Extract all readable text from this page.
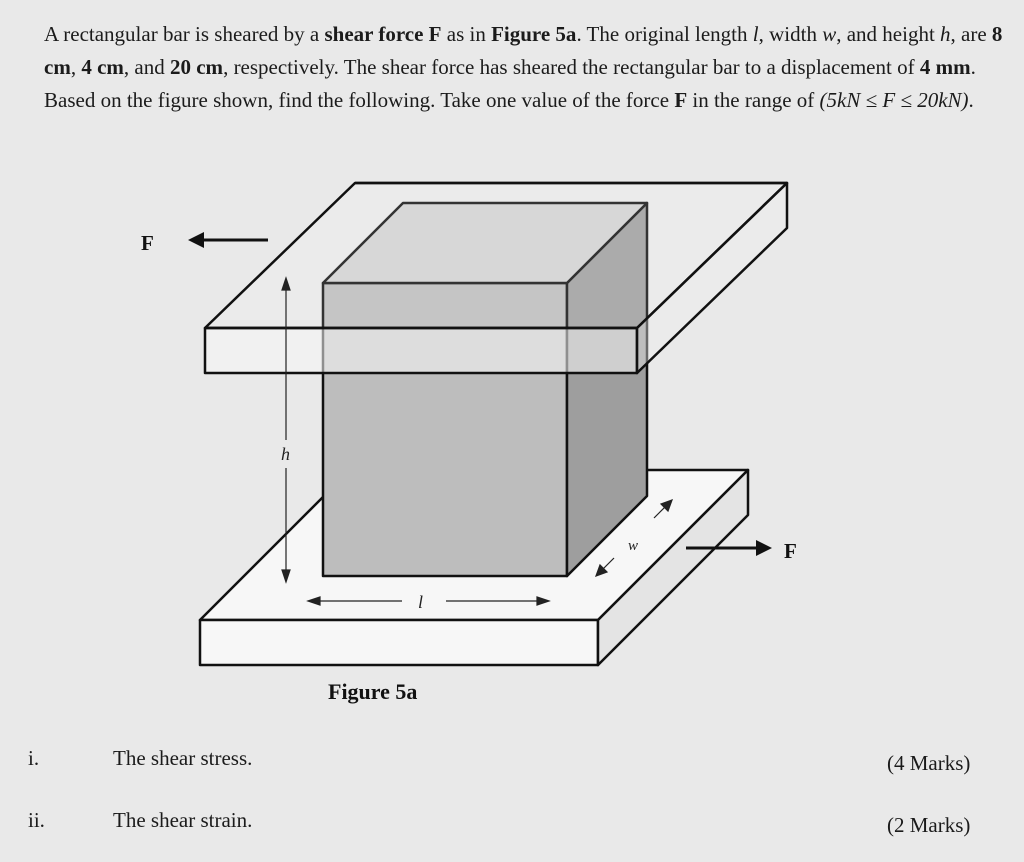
A rectangular bar is sheared by a shear force F as in Figure 5a. The original length l, width w, and height h, are 8 cm, 4 cm, and 20 cm, respectively. The shear force has sheared the rectangular bar to a displacement of 4 mm. Based on the figure shown, find the following. Take one value of the force F in the range of (5kN ≤ F ≤ 20kN).
h
l
w
F
F
Figure 5a
i.	The shear stress.	(4 Marks)
ii.	The shear strain.	(2 Marks)
